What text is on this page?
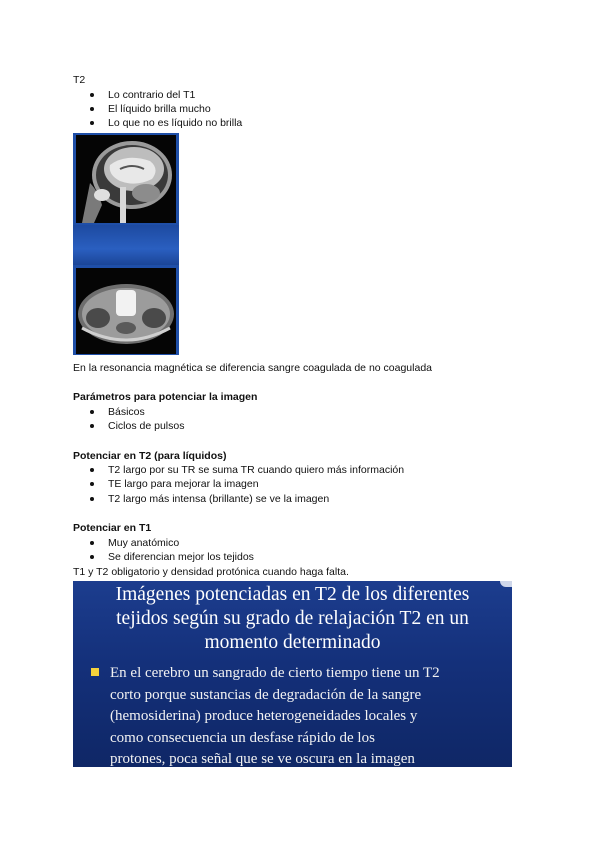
T2
Lo contrario del T1
El líquido brilla mucho
Lo que no es líquido no brilla
En la resonancia magnética se diferencia sangre coagulada de no coagulada
Parámetros para potenciar la imagen
Básicos
Ciclos de pulsos
Potenciar en T2 (para líquidos)
T2 largo por su TR se suma TR cuando quiero más información
TE largo para mejorar la imagen
T2 largo más intensa (brillante) se ve la imagen
Potenciar en T1
Muy anatómico
Se diferencian mejor los tejidos
T1 y T2 obligatorio y densidad protónica cuando haga falta.
Imágenes potenciadas en T2 de los diferentes
tejidos según su grado de relajación T2 en un
momento determinado
En el cerebro un sangrado de cierto tiempo tiene un T2
corto porque sustancias de degradación de la sangre
(hemosiderina) produce heterogeneidades locales y
como consecuencia un desfase rápido de los
protones, poca señal que se ve oscura en la imagen
